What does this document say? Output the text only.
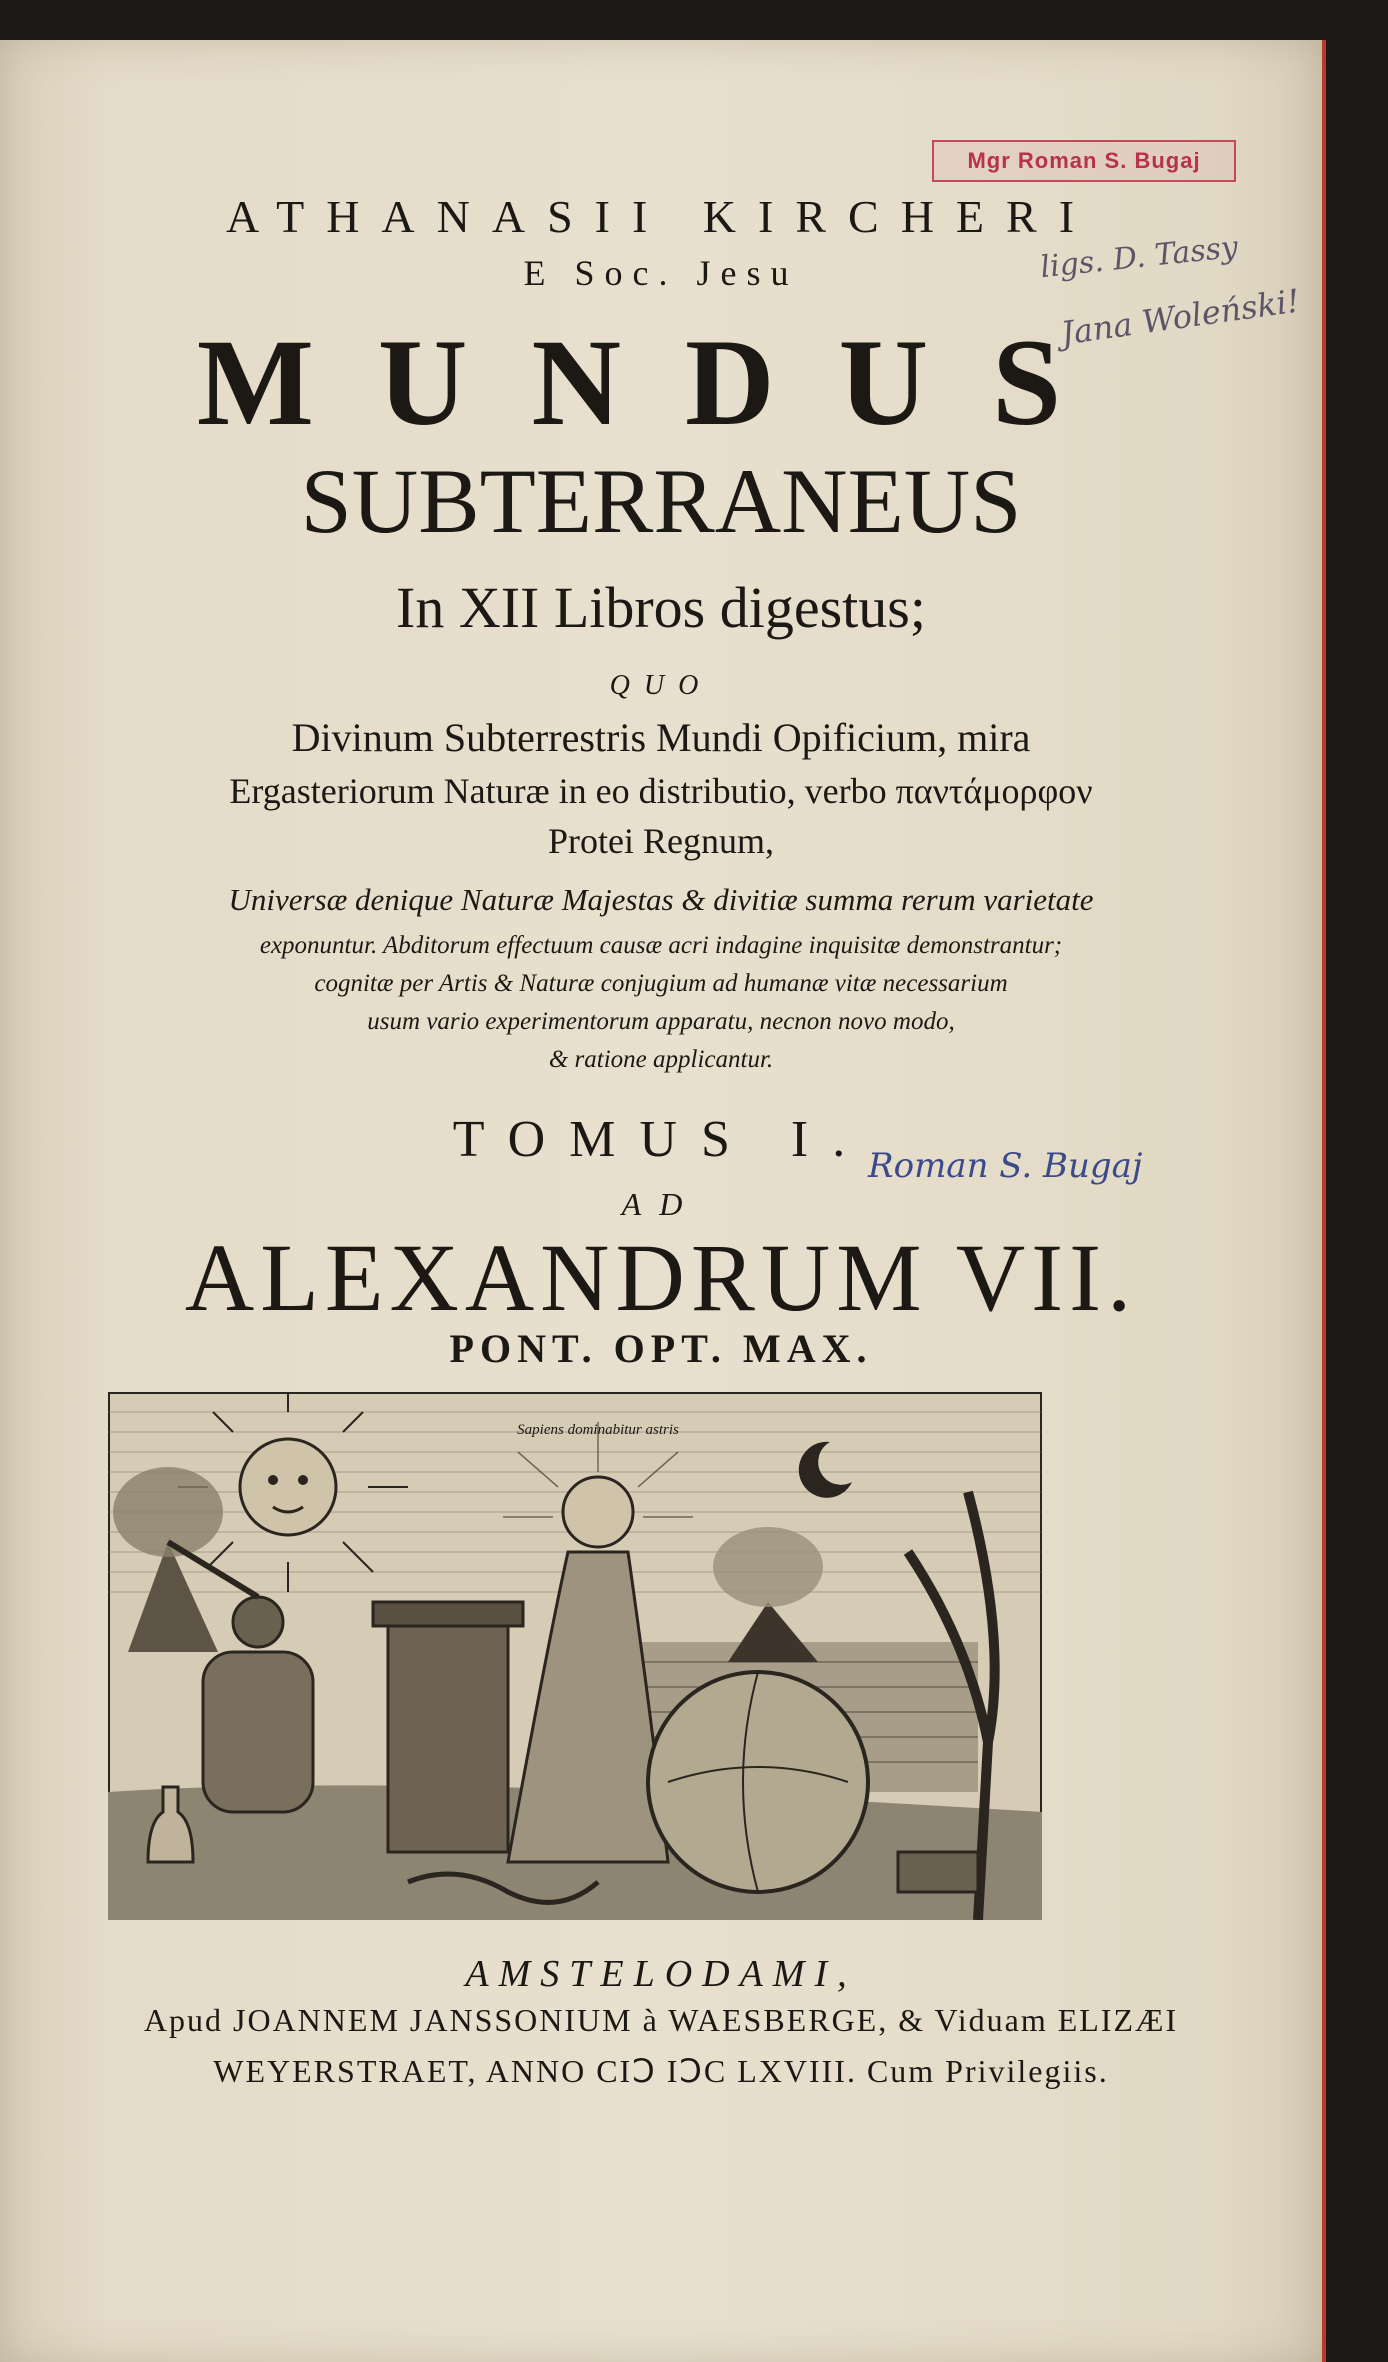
ATHANASII KIRCHERI
E Soc. Jesu
MUNDUS
SUBTERRANEUS
In XII Libros digestus;
QUO
Divinum Subterrestris Mundi Opificium, mira
Ergasteriorum Naturæ in eo distributio, verbo παντάμορφον
Protei Regnum,
Universæ denique Naturæ Majestas & divitiæ summa rerum varietate
exponuntur. Abditorum effectuum causæ acri indagine inquisitæ demonstrantur;
cognitæ per Artis & Naturæ conjugium ad humanæ vitæ necessarium
usum vario experimentorum apparatu, necnon novo modo,
& ratione applicantur.
TOMUS I.
AD
ALEXANDRUM VII.
PONT. OPT. MAX.
Sapiens dominabitur astris
AMSTELODAMI,
Apud JOANNEM JANSSONIUM à WAESBERGE, & Viduam ELIZÆI
WEYERSTRAET, ANNO CIↃ IↃC LXVIII. Cum Privilegiis.
Mgr Roman S. Bugaj
ligs. D. Tassy
Jana Woleński!
Roman S. Bugaj
